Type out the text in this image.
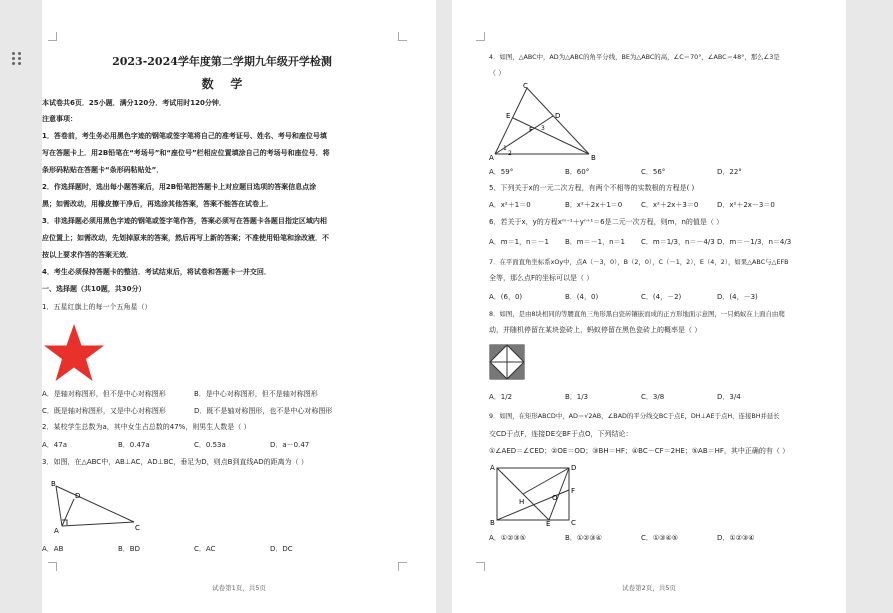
2023-2024学年度第二学期九年级开学检测
数    学
本试卷共6页．25小题．满分120分．考试用时120分钟．
注意事项：
1．答卷前，考生务必用黑色字迹的钢笔或签字笔将自己的准考证号、姓名、考号和座位号填
写在答题卡上．用2B铅笔在“考场号”和“座位号”栏相应位置填涂自己的考场号和座位号．将
条形码粘贴在答题卡“条形码粘贴处”．
2．作选择题时，选出每小题答案后，用2B铅笔把答题卡上对应题目选项的答案信息点涂
黑；如需改动，用橡皮擦干净后，再选涂其他答案，答案不能答在试卷上．
3．非选择题必须用黑色字迹的钢笔或签字笔作答，答案必须写在答题卡各题目指定区域内相
应位置上；如需改动，先划掉原来的答案，然后再写上新的答案；不准使用铅笔和涂改液．不
按以上要求作答的答案无效．
4．考生必须保持答题卡的整洁．考试结束后，将试卷和答题卡一并交回．
一、选择题（共10题，共30分）
1．五星红旗上的每一个五角星（）
A．是轴对称图形，但不是中心对称图形	B．是中心对称图形，但不是轴对称图形
C．既是轴对称图形，又是中心对称图形	D．既不是轴对称图形，也不是中心对称图形
2．某校学生总数为a，其中女生占总数的47%，则男生人数是（ ）
A．47a	B．0.47a	C．0.53a	D．a－0.47
3．如图，在△ABC中，AB⊥AC，AD⊥BC，垂足为D，则点B到直线AD的距离为（ ）
B
D
A	C
A．AB	B．BD	C．AC	D．DC
试卷第1页，共5页
4．如图，△ABC中，AD为△ABC的角平分线，BE为△ABC的高，∠C＝70°，∠ABC＝48°，那么∠3是
（ ）
C
A	B
D
E
F 3
1
2
A．59°	B．60°	C．56°	D．22°
5．下列关于x的一元二次方程，有两个不相等的实数根的方程是( )
A．x²＋1＝0	B．x²＋2x＋1＝0	C．x²＋2x＋3＝0	D．x²＋2x－3＝0
6．若关于x，y的方程xᵐ⁻¹＋yⁿ⁺¹＝6是二元一次方程，则m，n的值是（ ）
A．m＝1，n＝－1 B．m＝－1，n＝1 C．m＝1/3，n＝－4/3 D．m＝－1/3，n＝4/3
7．在平面直角坐标系xOy中，点A（－3，0），B（2，0），C（－1，2），E（4，2），如果△ABC与△EFB
全等，那么点F的坐标可以是（ ）
A．(6，0)	B．(4，0)	C．(4，－2)	D．(4，－3)
8．如图，是由8块相同的等腰直角三角形黑白瓷砖镶嵌而成的正方形地面示意图，一只蚂蚁在上面自由爬
动，并随机停留在某块瓷砖上，蚂蚁停留在黑色瓷砖上的概率是（ ）
A．1/2	B．1/3	C．3/8	D．3/4
9．如图，在矩形ABCD中，AD＝√2AB，∠BAD的平分线交BC于点E，DH⊥AE于点H，连接BH并延长
交CD于点F，连接DE交BF于点O，下列结论：
①∠AED＝∠CED；②OE＝OD；③BH＝HF；④BC－CF＝2HE；⑤AB＝HF，其中正确的有（ ）
A	D
B	C
E
F
H	O
A．①②③⑤	B．①②③④	C．①③④⑤	D．①②③④
试卷第2页，共5页
